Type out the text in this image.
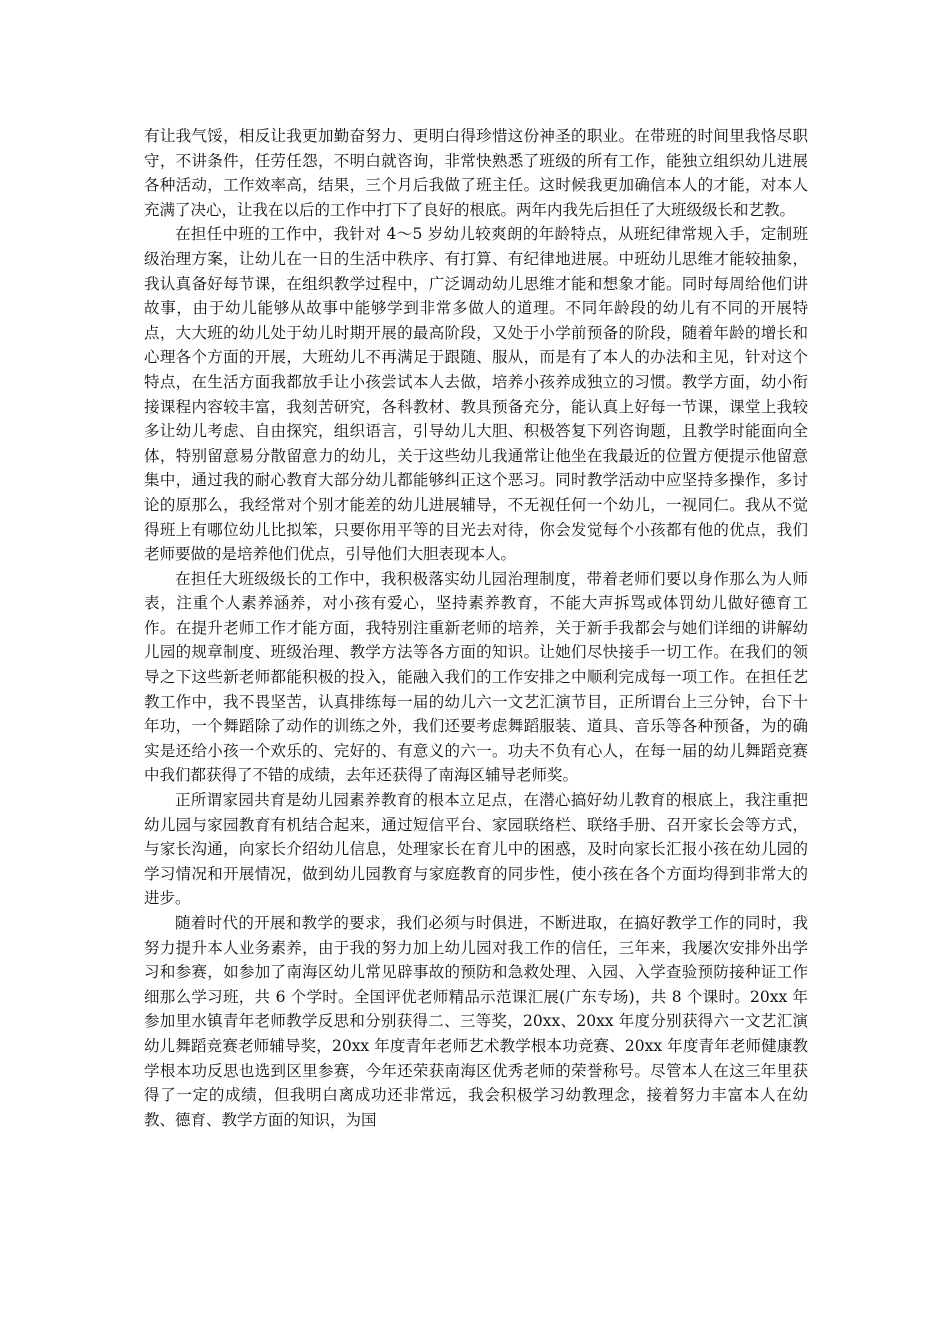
有让我气馁，相反让我更加勤奋努力、更明白得珍惜这份神圣的职业。在带班的时间里我恪尽职守，不讲条件，任劳任怨，不明白就咨询，非常快熟悉了班级的所有工作，能独立组织幼儿进展各种活动，工作效率高，结果，三个月后我做了班主任。这时候我更加确信本人的才能，对本人充满了决心，让我在以后的工作中打下了良好的根底。两年内我先后担任了大班级级长和艺教。

在担任中班的工作中，我针对 4～5 岁幼儿较爽朗的年龄特点，从班纪律常规入手，定制班级治理方案，让幼儿在一日的生活中秩序、有打算、有纪律地进展。中班幼儿思维才能较抽象，我认真备好每节课，在组织教学过程中，广泛调动幼儿思维才能和想象才能。同时每周给他们讲故事，由于幼儿能够从故事中能够学到非常多做人的道理。不同年龄段的幼儿有不同的开展特点，大大班的幼儿处于幼儿时期开展的最高阶段，又处于小学前预备的阶段，随着年龄的增长和心理各个方面的开展，大班幼儿不再满足于跟随、服从，而是有了本人的办法和主见，针对这个特点，在生活方面我都放手让小孩尝试本人去做，培养小孩养成独立的习惯。教学方面，幼小衔接课程内容较丰富，我刻苦研究，各科教材、教具预备充分，能认真上好每一节课，课堂上我较多让幼儿考虑、自由探究，组织语言，引导幼儿大胆、积极答复下列咨询题，且教学时能面向全体，特别留意易分散留意力的幼儿，关于这些幼儿我通常让他坐在我最近的位置方便提示他留意集中，通过我的耐心教育大部分幼儿都能够纠正这个恶习。同时教学活动中应坚持多操作，多讨论的原那么，我经常对个别才能差的幼儿进展辅导，不无视任何一个幼儿，一视同仁。我从不觉得班上有哪位幼儿比拟笨，只要你用平等的目光去对待，你会发觉每个小孩都有他的优点，我们老师要做的是培养他们优点，引导他们大胆表现本人。

在担任大班级级长的工作中，我积极落实幼儿园治理制度，带着老师们要以身作那么为人师表，注重个人素养涵养，对小孩有爱心，坚持素养教育，不能大声拆骂或体罚幼儿做好德育工作。在提升老师工作才能方面，我特别注重新老师的培养，关于新手我都会与她们详细的讲解幼儿园的规章制度、班级治理、教学方法等各方面的知识。让她们尽快接手一切工作。在我们的领导之下这些新老师都能积极的投入，能融入我们的工作安排之中顺利完成每一项工作。在担任艺教工作中，我不畏坚苦，认真排练每一届的幼儿六一文艺汇演节目，正所谓台上三分钟，台下十年功，一个舞蹈除了动作的训练之外，我们还要考虑舞蹈服装、道具、音乐等各种预备，为的确实是还给小孩一个欢乐的、完好的、有意义的六一。功夫不负有心人，在每一届的幼儿舞蹈竞赛中我们都获得了不错的成绩，去年还获得了南海区辅导老师奖。

正所谓家园共育是幼儿园素养教育的根本立足点，在潜心搞好幼儿教育的根底上，我注重把幼儿园与家园教育有机结合起来，通过短信平台、家园联络栏、联络手册、召开家长会等方式，与家长沟通，向家长介绍幼儿信息，处理家长在育儿中的困惑，及时向家长汇报小孩在幼儿园的学习情况和开展情况，做到幼儿园教育与家庭教育的同步性，使小孩在各个方面均得到非常大的进步。

随着时代的开展和教学的要求，我们必须与时俱进，不断进取，在搞好教学工作的同时，我努力提升本人业务素养，由于我的努力加上幼儿园对我工作的信任，三年来，我屡次安排外出学习和参赛，如参加了南海区幼儿常见辟事故的预防和急救处理、入园、入学查验预防接种证工作细那么学习班，共 6 个学时。全国评优老师精品示范课汇展(广东专场)，共 8 个课时。20xx 年参加里水镇青年老师教学反思和分别获得二、三等奖，20xx、20xx 年度分别获得六一文艺汇演幼儿舞蹈竞赛老师辅导奖，20xx 年度青年老师艺术教学根本功竞赛、20xx 年度青年老师健康教学根本功反思也选到区里参赛，今年还荣获南海区优秀老师的荣誉称号。尽管本人在这三年里获得了一定的成绩，但我明白离成功还非常远，我会积极学习幼教理念，接着努力丰富本人在幼教、德育、教学方面的知识，为国
